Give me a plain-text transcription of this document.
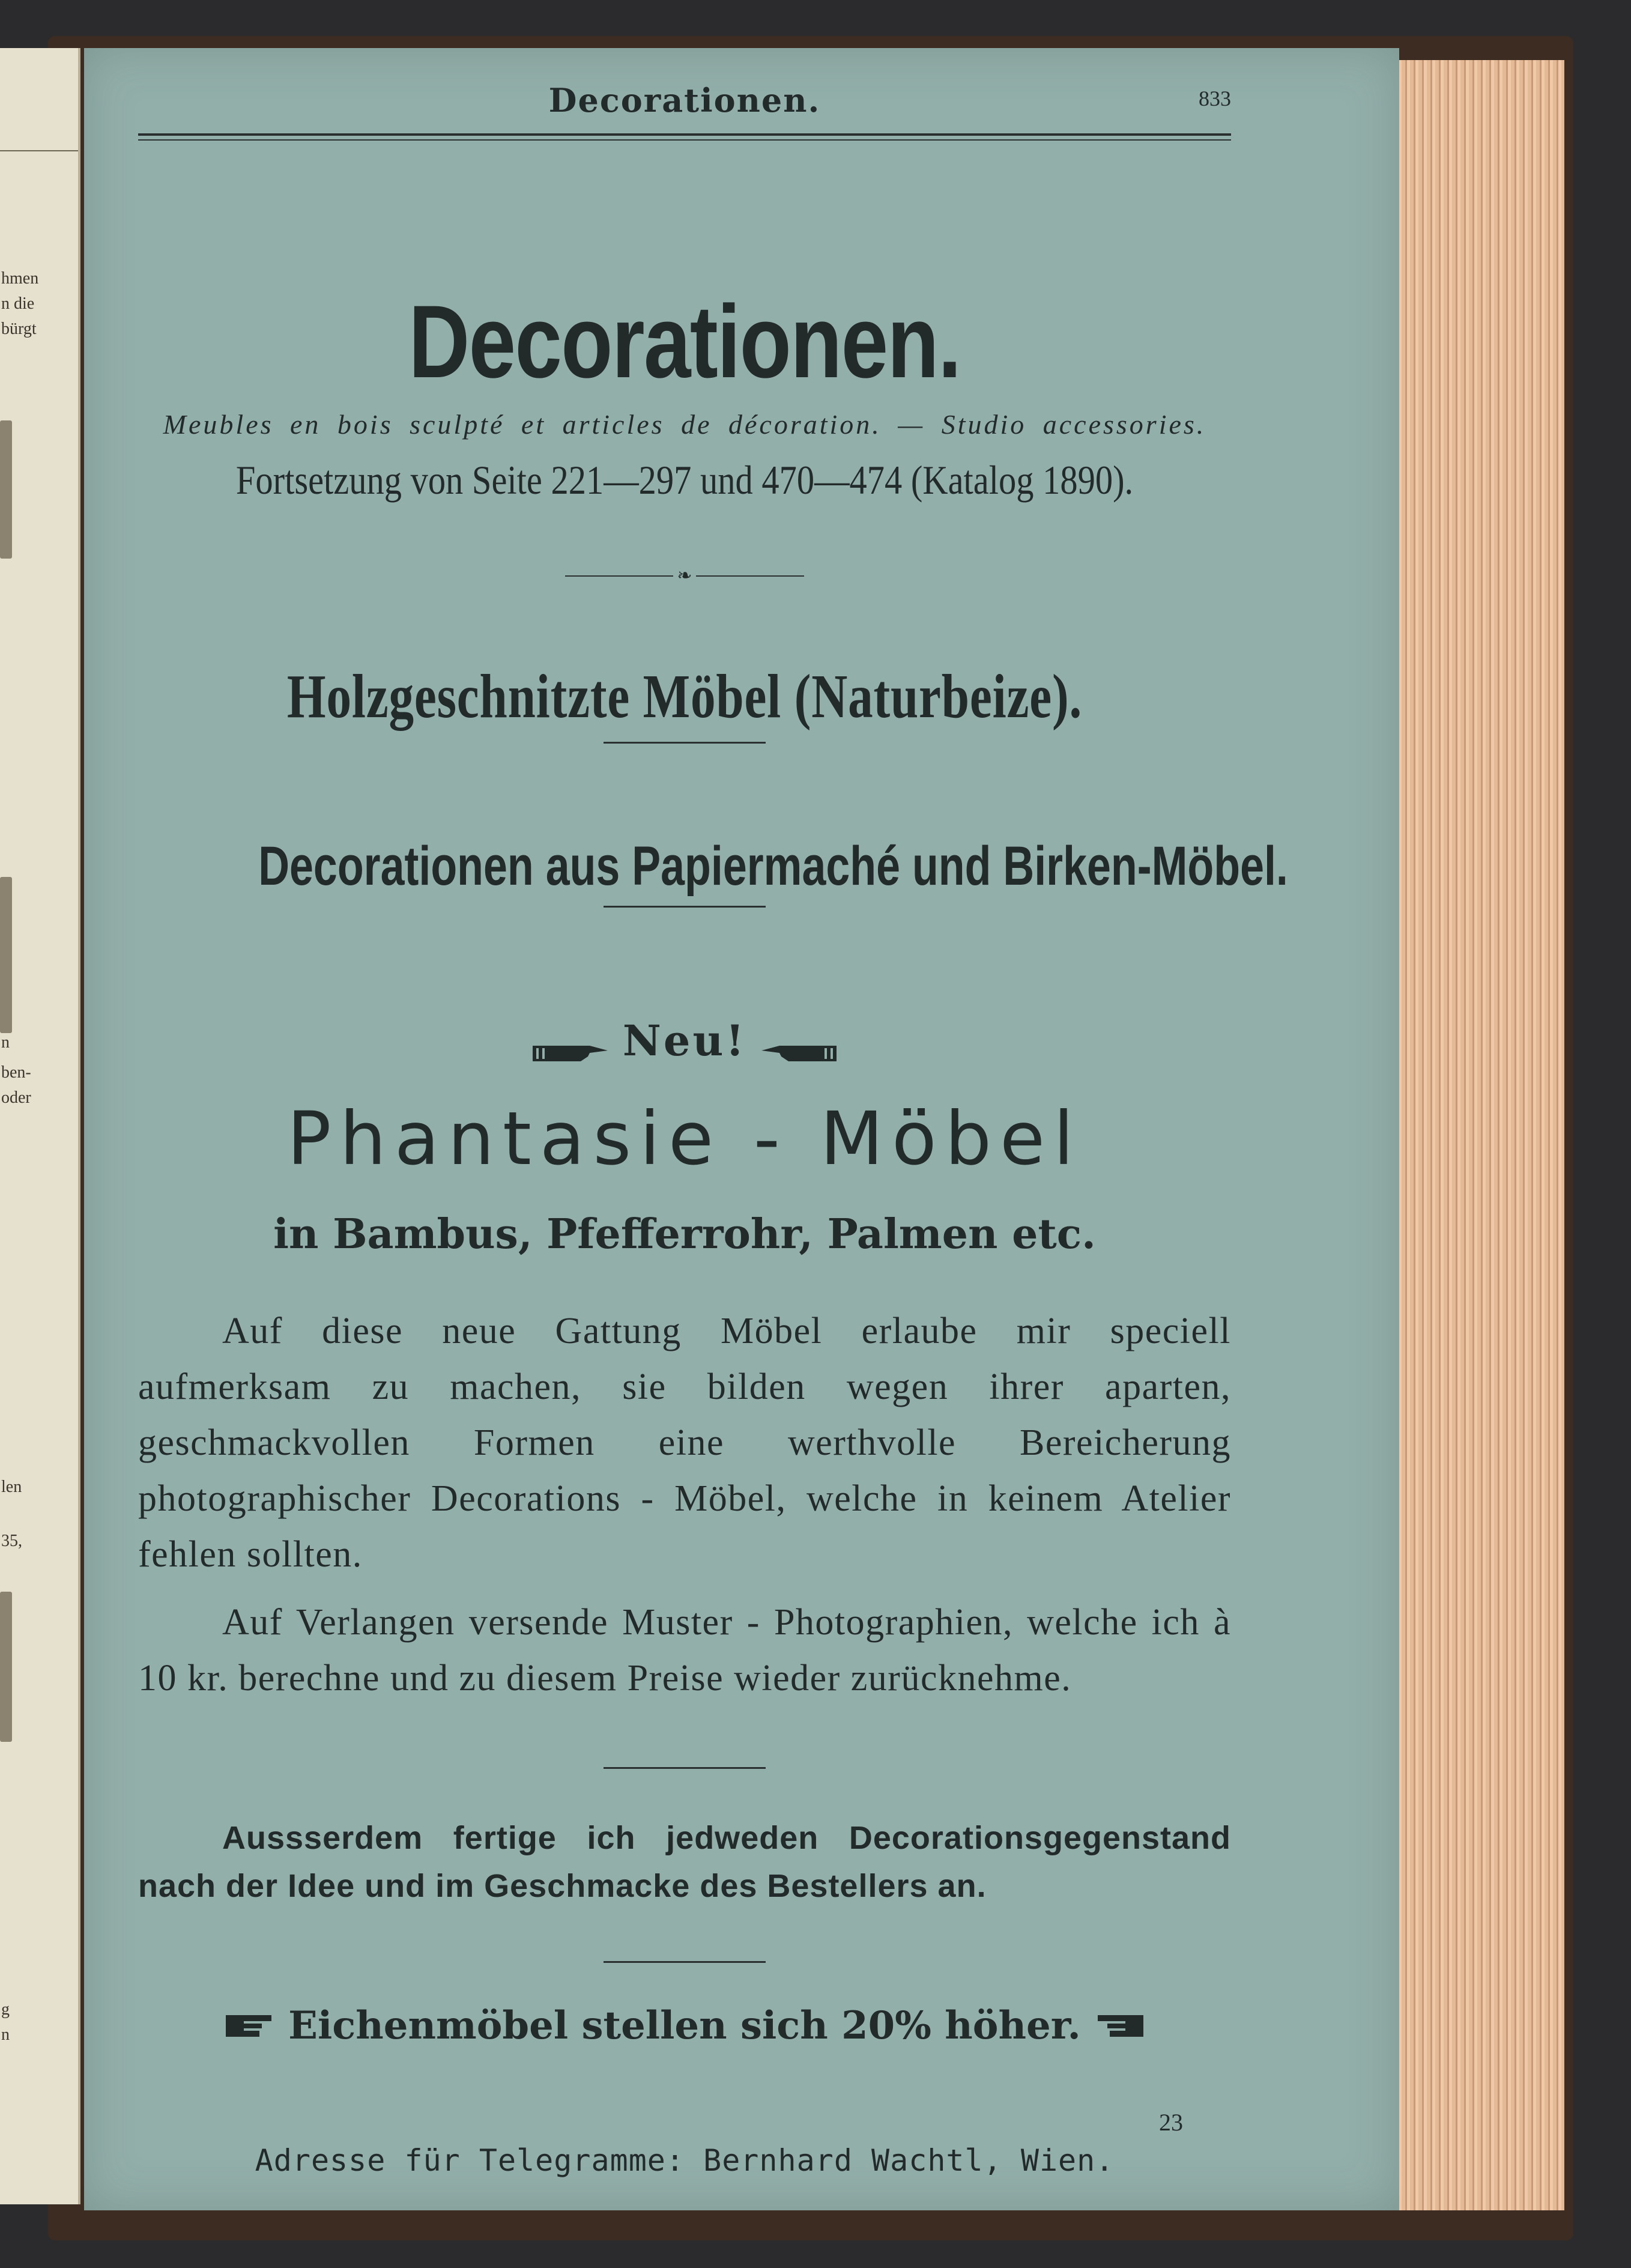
hmen
n die
bürgt
n
ben-
oder
len
35,
g
n
Decorationen.	833
Decorationen.
Meubles en bois sculpté et articles de décoration. — Studio accessories.
Fortsetzung von Seite 221—297 und 470—474 (Katalog 1890).
❧
Holzgeschnitzte Möbel (Naturbeize).
Decorationen aus Papiermaché und Birken-Möbel.
Neu!
Phantasie - Möbel
in Bambus, Pfefferrohr, Palmen etc.
Auf diese neue Gattung Möbel erlaube mir speciell aufmerksam zu machen, sie bilden wegen ihrer aparten, geschmackvollen Formen eine werthvolle Bereicherung photographischer Decorations - Möbel, welche in keinem Atelier fehlen sollten.
Auf Verlangen versende Muster - Photographien, welche ich à 10 kr. berechne und zu diesem Preise wieder zurücknehme.
Aussserdem fertige ich jedweden Decorationsgegenstand nach der Idee und im Geschmacke des Bestellers an.
Eichenmöbel stellen sich 20% höher.
23
Adresse für Telegramme: Bernhard Wachtl, Wien.
